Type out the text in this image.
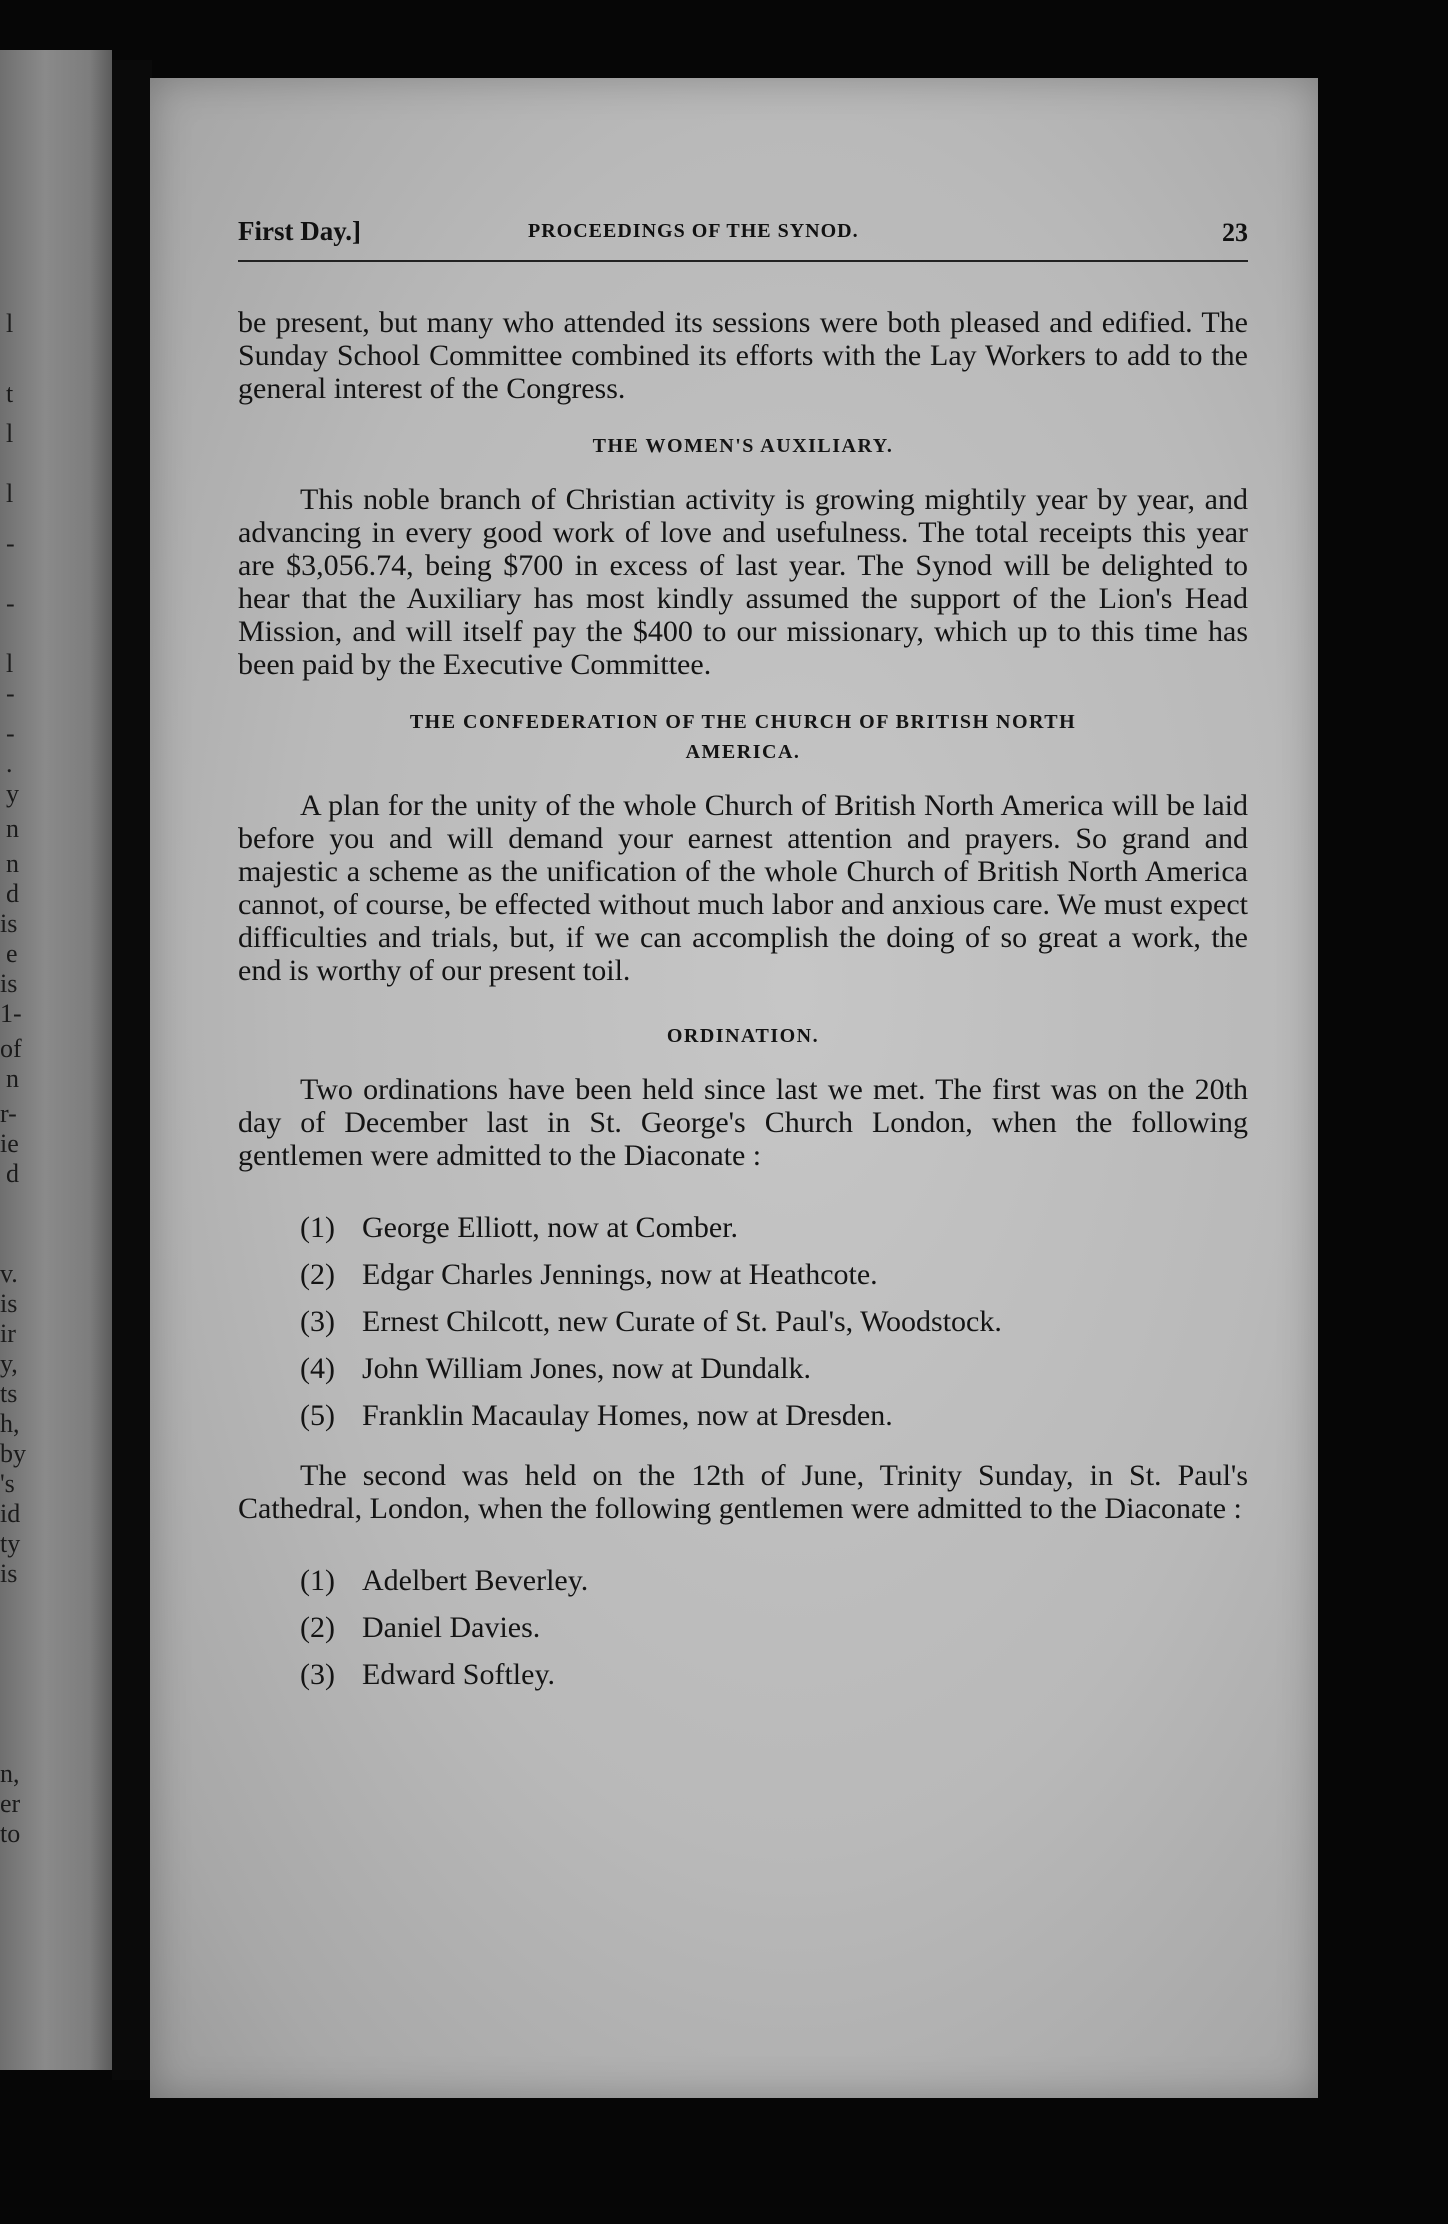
l
t
l
l
-
-
l
-
-
.
y
n
n
d
is
e
is
1-
of
n
r-
ie
d
v.
is
ir
y,
ts
h,
by
's
id
ty
is
n,
er
to
First Day.]	PROCEEDINGS OF THE SYNOD.	23

be present, but many who attended its sessions were both pleased and edified. The Sunday School Committee combined its efforts with the Lay Workers to add to the general interest of the Congress.

THE WOMEN'S AUXILIARY.

This noble branch of Christian activity is growing mightily year by year, and advancing in every good work of love and usefulness. The total receipts this year are $3,056.74, being $700 in excess of last year. The Synod will be delighted to hear that the Auxiliary has most kindly assumed the support of the Lion's Head Mission, and will itself pay the $400 to our missionary, which up to this time has been paid by the Executive Committee.

THE CONFEDERATION OF THE CHURCH OF BRITISH NORTH AMERICA.

A plan for the unity of the whole Church of British North America will be laid before you and will demand your earnest attention and prayers. So grand and majestic a scheme as the unification of the whole Church of British North America cannot, of course, be effected without much labor and anxious care. We must expect difficulties and trials, but, if we can accomplish the doing of so great a work, the end is worthy of our present toil.

ORDINATION.

Two ordinations have been held since last we met. The first was on the 20th day of December last in St. George's Church London, when the following gentlemen were admitted to the Diaconate :

(1) George Elliott, now at Comber.
(2) Edgar Charles Jennings, now at Heathcote.
(3) Ernest Chilcott, new Curate of St. Paul's, Woodstock.
(4) John William Jones, now at Dundalk.
(5) Franklin Macaulay Homes, now at Dresden.

The second was held on the 12th of June, Trinity Sunday, in St. Paul's Cathedral, London, when the following gentlemen were admitted to the Diaconate :

(1) Adelbert Beverley.
(2) Daniel Davies.
(3) Edward Softley.
